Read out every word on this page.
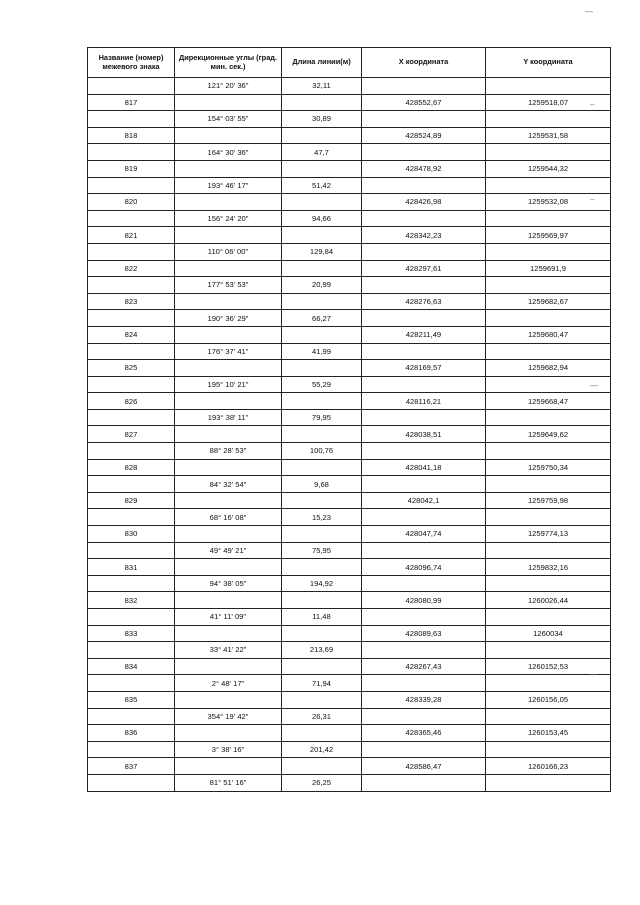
—
Название (номер) межевого знака	Дирекционные углы (град. мин. сек.)	Длина линии(м)	X координата	Y координата
	121° 20' 36"	32,11		
817			428552,67	1259518,07
	154° 03' 55"	30,89		
818			428524,89	1259531,58
	164° 30' 36"	47,7		
819			428478,92	1259544,32
	193° 46' 17"	51,42		
820			428426,98	1259532,08
	156° 24' 20"	94,66		
821			428342,23	1259569,97
	110° 06' 00"	129,84		
822			428297,61	1259691,9
	177° 53' 53"	20,99		
823			428276,63	1259682,67
	190° 36' 29"	66,27		
824			428211,49	1259680,47
	176° 37' 41"	41,99		
825			428169,57	1259682,94
	195° 10' 21"	55,29		
826			428116,21	1259668,47
	193° 38' 11"	79,95		
827			428038,51	1259649,62
	88° 28' 53"	100,76		
828			428041,18	1259750,34
	84° 32' 54"	9,68		
829			428042,1	1259759,98
	68° 16' 08"	15,23		
830			428047,74	1259774,13
	49° 49' 21"	75,95		
831			428096,74	1259832,16
	94° 38' 05"	194,92		
832			428080,99	1260026,44
	41° 11' 09"	11,48		
833			428089,63	1260034
	33° 41' 22"	213,69		
834			428267,43	1260152,53
	2° 48' 17"	71,94		
835			428339,28	1260156,05
	354° 19' 42"	26,31		
836			428365,46	1260153,45
	3° 38' 16"	201,42		
837			428586,47	1260166,23
	81° 51' 16"	26,25		
–
–
—
—
